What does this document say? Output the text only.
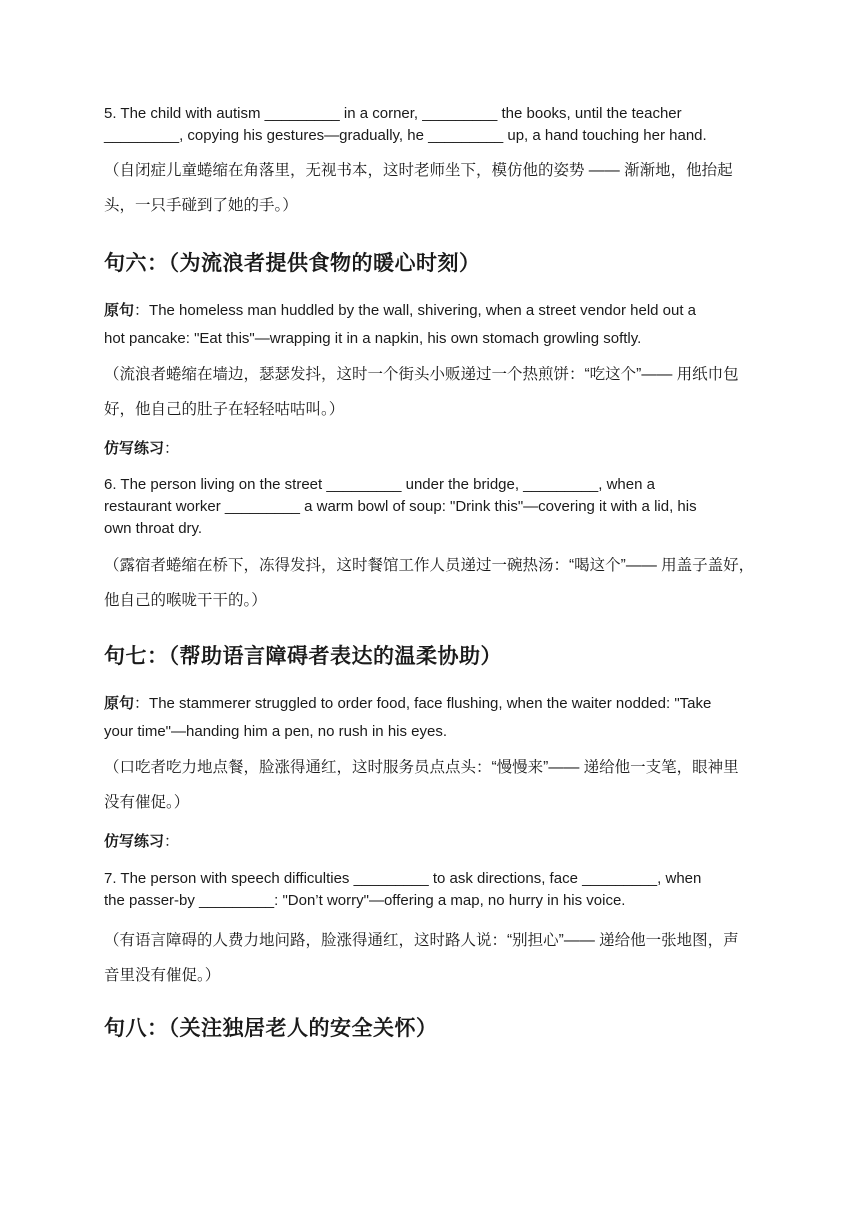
5. The child with autism _________ in a corner, _________ the books, until the teacher

_________, copying his gestures—gradually, he _________ up, a hand touching her hand.

（自闭症儿童蜷缩在角落里，无视书本，这时老师坐下，模仿他的姿势 —— 渐渐地，他抬起

头，一只手碰到了她的手。）

句六：（为流浪者提供食物的暖心时刻）

原句：The homeless man huddled by the wall, shivering, when a street vendor held out a

hot pancake: "Eat this"—wrapping it in a napkin, his own stomach growling softly.

（流浪者蜷缩在墙边，瑟瑟发抖，这时一个街头小贩递过一个热煎饼：“吃这个”—— 用纸巾包

好，他自己的肚子在轻轻咕咕叫。）

仿写练习：

6. The person living on the street _________ under the bridge, _________, when a

restaurant worker _________ a warm bowl of soup: "Drink this"—covering it with a lid, his

own throat dry.

（露宿者蜷缩在桥下，冻得发抖，这时餐馆工作人员递过一碗热汤：“喝这个”—— 用盖子盖好，

他自己的喉咙干干的。）

句七：（帮助语言障碍者表达的温柔协助）

原句：The stammerer struggled to order food, face flushing, when the waiter nodded: "Take

your time"—handing him a pen, no rush in his eyes.

（口吃者吃力地点餐，脸涨得通红，这时服务员点点头：“慢慢来”—— 递给他一支笔，眼神里

没有催促。）

仿写练习：

7. The person with speech difficulties _________ to ask directions, face _________, when

the passer-by _________: "Don’t worry"—offering a map, no hurry in his voice.

（有语言障碍的人费力地问路，脸涨得通红，这时路人说：“别担心”—— 递给他一张地图，声

音里没有催促。）

句八：（关注独居老人的安全关怀）
